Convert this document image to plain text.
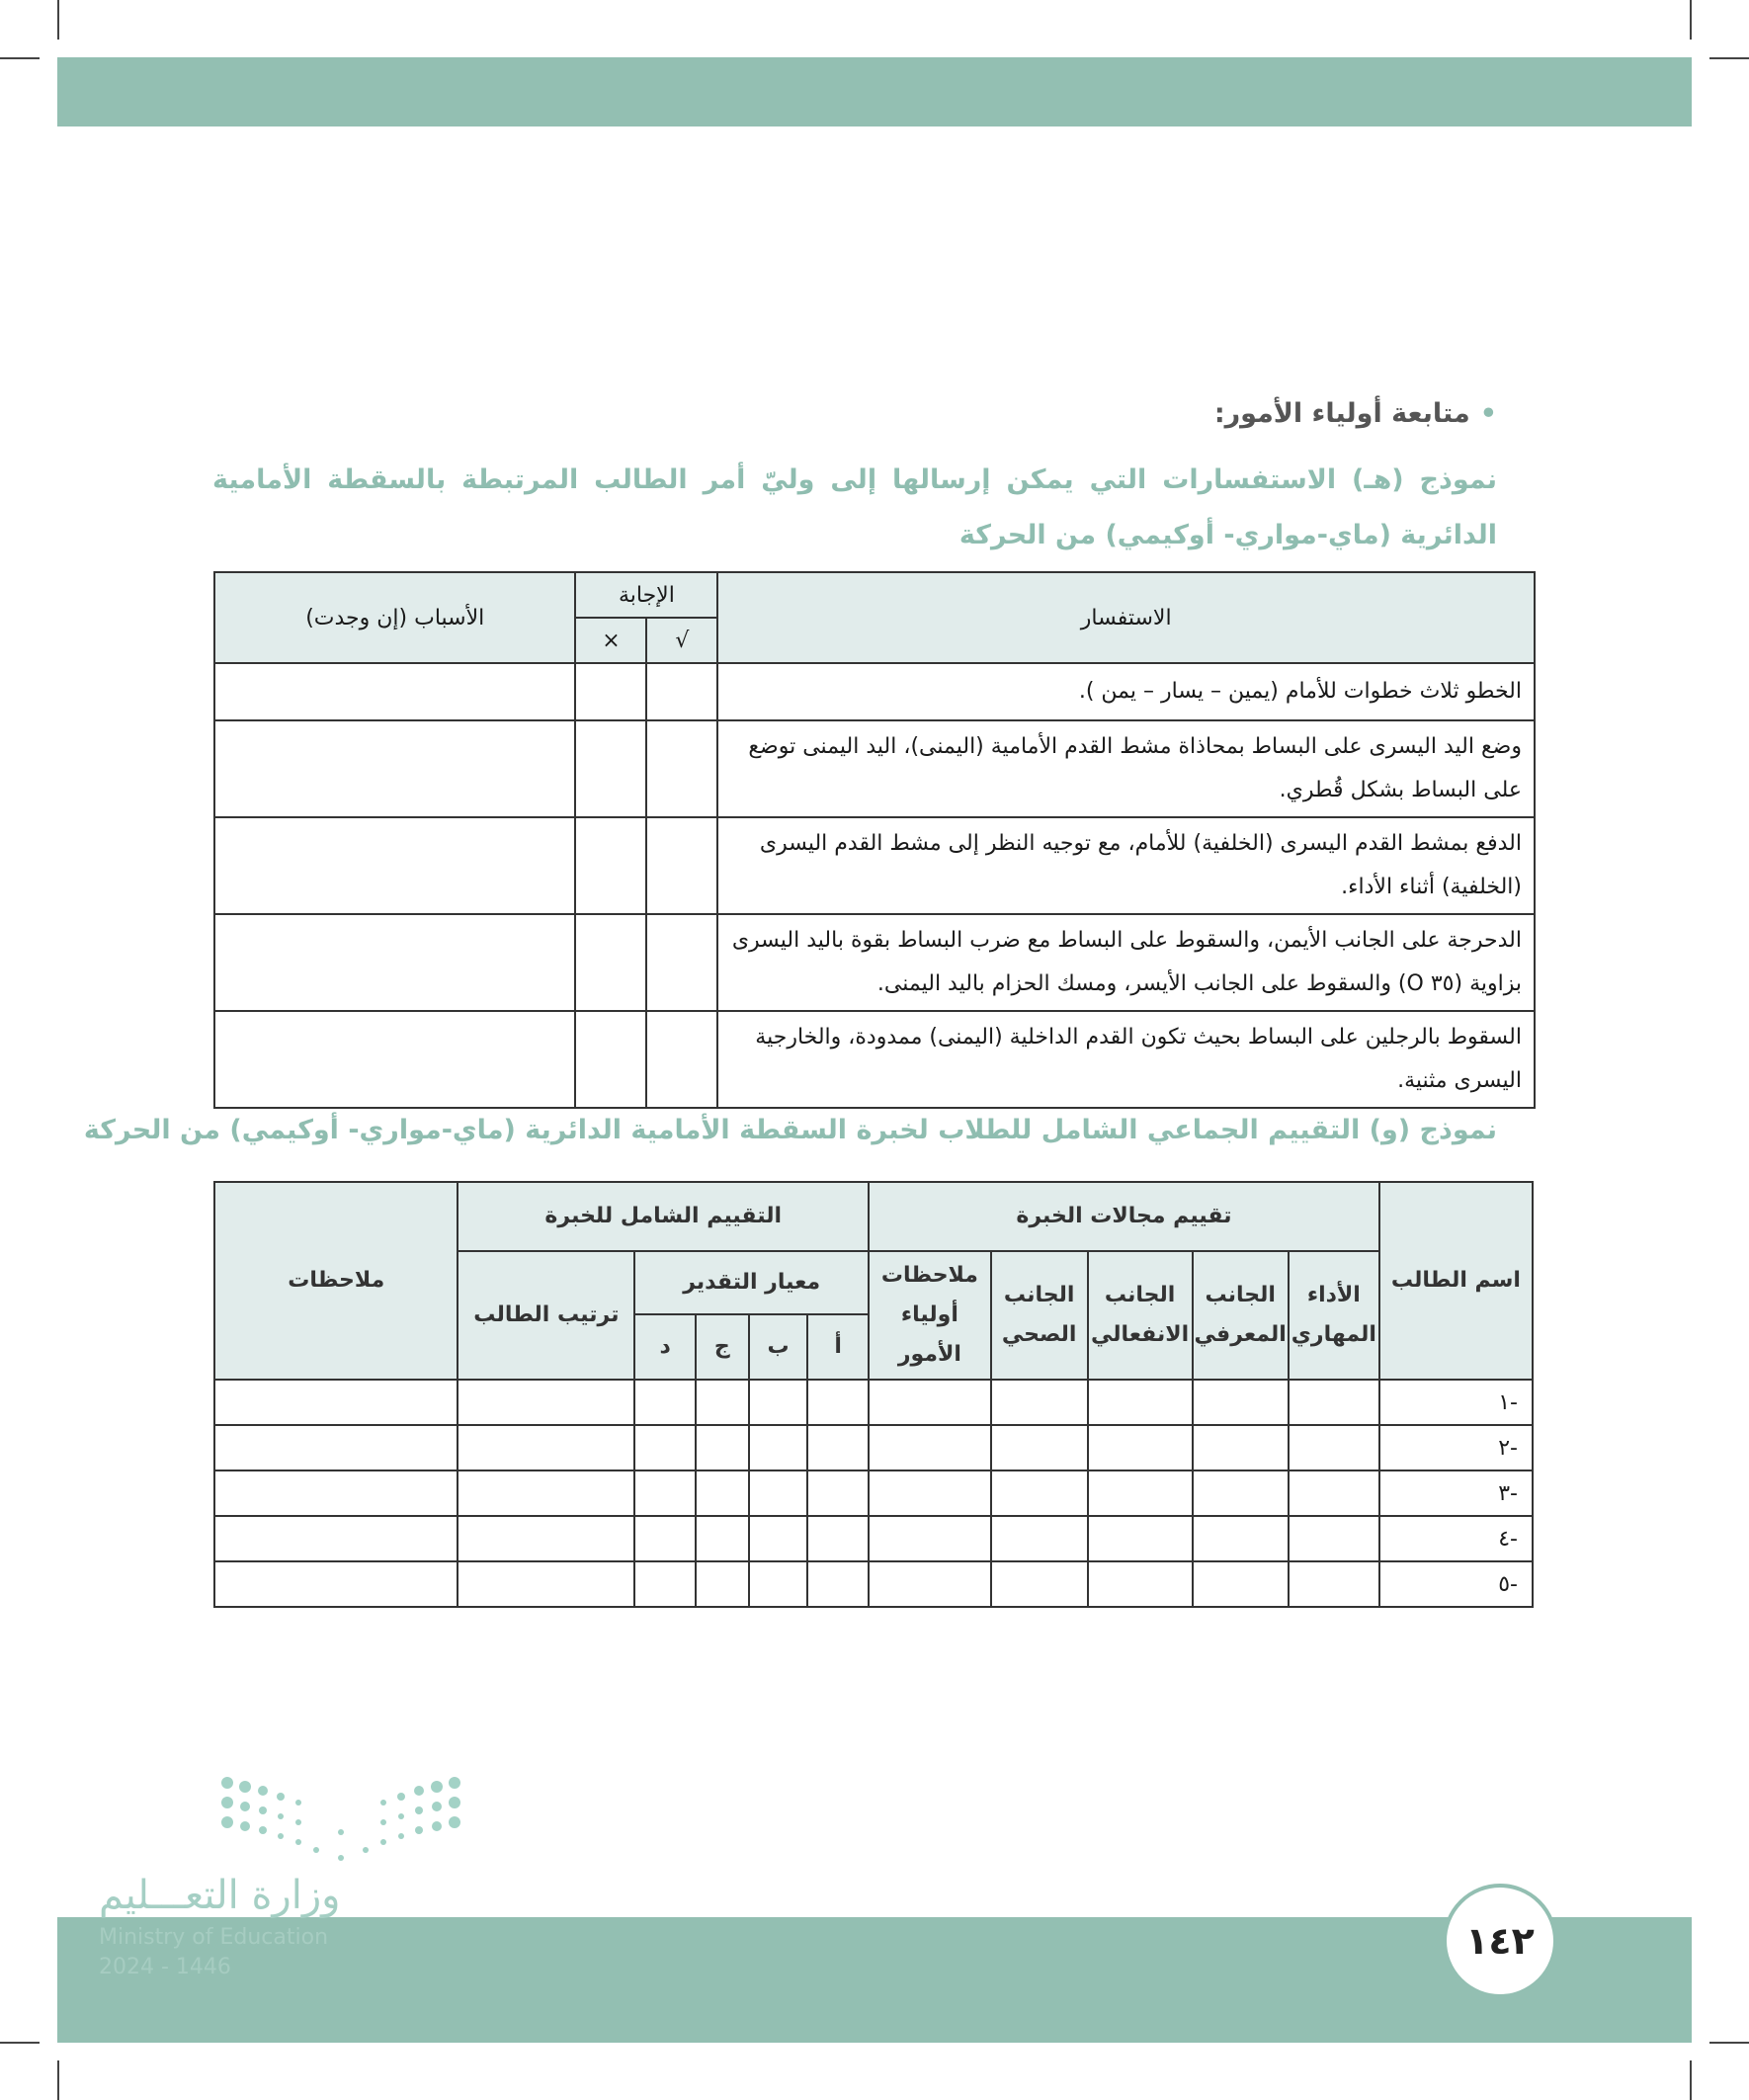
•متابعة أولياء الأمور:
نموذج (هـ) الاستفسارات التي يمكن إرسالها إلى وليّ أمر الطالب المرتبطة بالسقطة الأمامية الدائرية (ماي-مواري- أوكيمي) من الحركة
الاستفسار	الإجابة		الأسباب (إن وجدت)
	√	×	
الخطو ثلاث خطوات للأمام (يمين – يسار – يمن ).			
وضع اليد اليسرى على البساط بمحاذاة مشط القدم الأمامية (اليمنى)، اليد اليمنى توضع على البساط بشكل قُطري.			
الدفع بمشط القدم اليسرى (الخلفية) للأمام، مع توجيه النظر إلى مشط القدم اليسرى (الخلفية) أثناء الأداء.			
الدحرجة على الجانب الأيمن، والسقوط على البساط مع ضرب البساط بقوة باليد اليسرى بزاوية (٣٥ O) والسقوط على الجانب الأيسر، ومسك الحزام باليد اليمنى.			
السقوط بالرجلين على البساط بحيث تكون القدم الداخلية (اليمنى) ممدودة، والخارجية اليسرى مثنية.			
نموذج (و) التقييم الجماعي الشامل للطلاب لخبرة السقطة الأمامية الدائرية (ماي-مواري- أوكيمي) من الحركة
اسم الطالب	تقييم مجالات الخبرة					التقييم الشامل للخبرة					ملاحظات
	الأداء المهاري	الجانب المعرفي	الجانب الانفعالي	الجانب الصحي	ملاحظات أولياء الأمور	معيار التقدير				ترتيب الطالب	
						أ	ب	ج	د		
-١											
-٢											
-٣											
-٤											
-٥											
وزارة التعـــليم
Ministry of Education
2024 - 1446
١٤٢
